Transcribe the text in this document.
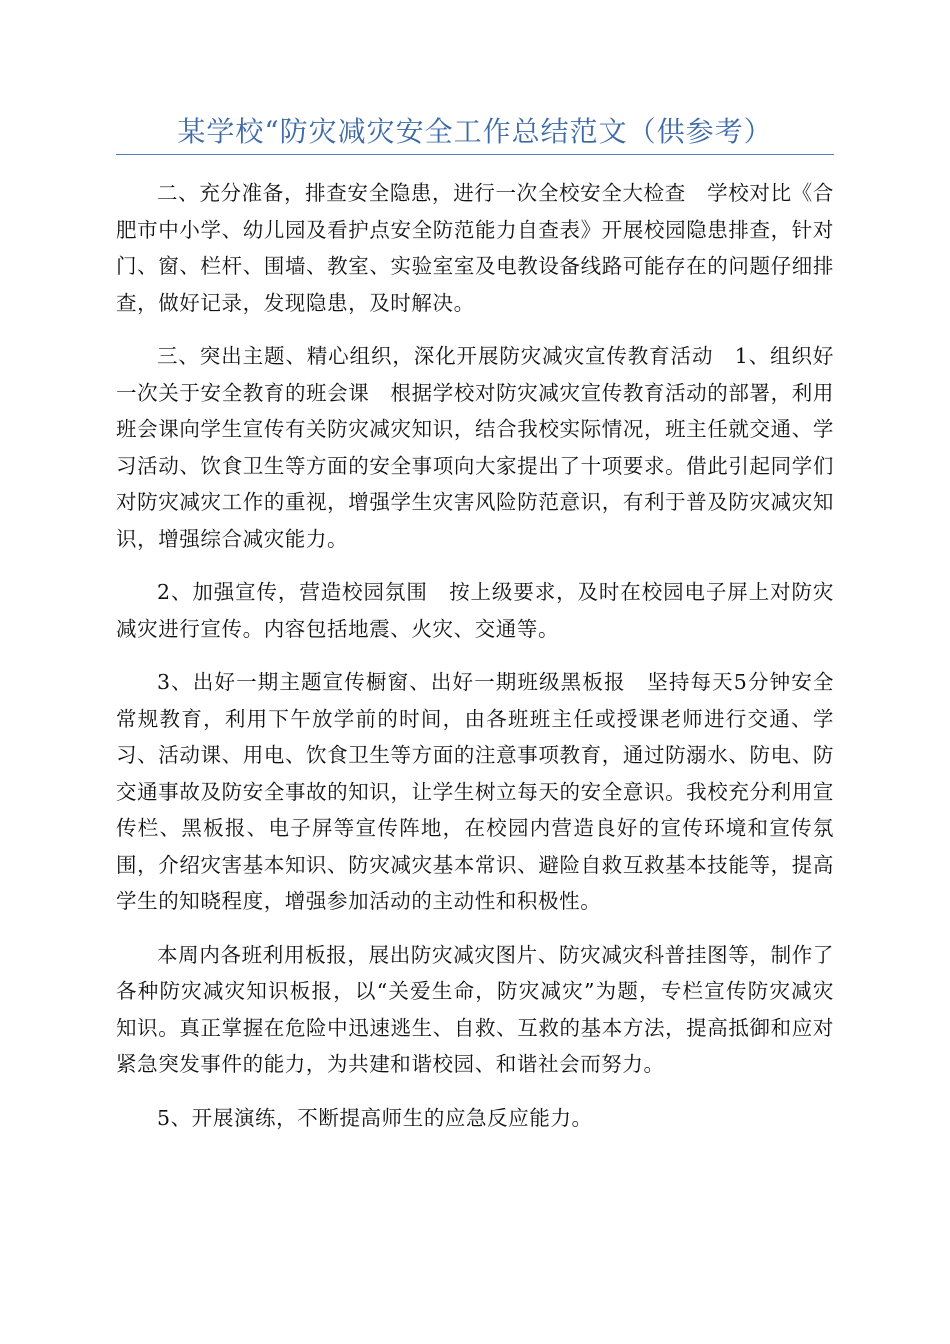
某学校“防灾减灾安全工作总结范文（供参考）

二、充分准备，排查安全隐患，进行一次全校安全大检查　学校对比《合肥市中小学、幼儿园及看护点安全防范能力自查表》开展校园隐患排查，针对门、窗、栏杆、围墙、教室、实验室室及电教设备线路可能存在的问题仔细排查，做好记录，发现隐患，及时解决。

三、突出主题、精心组织，深化开展防灾减灾宣传教育活动　1、组织好一次关于安全教育的班会课　根据学校对防灾减灾宣传教育活动的部署，利用班会课向学生宣传有关防灾减灾知识，结合我校实际情况，班主任就交通、学习活动、饮食卫生等方面的安全事项向大家提出了十项要求。借此引起同学们对防灾减灾工作的重视，增强学生灾害风险防范意识，有利于普及防灾减灾知识，增强综合减灾能力。

2、加强宣传，营造校园氛围　按上级要求，及时在校园电子屏上对防灾减灾进行宣传。内容包括地震、火灾、交通等。

3、出好一期主题宣传橱窗、出好一期班级黑板报　坚持每天5分钟安全常规教育，利用下午放学前的时间，由各班班主任或授课老师进行交通、学习、活动课、用电、饮食卫生等方面的注意事项教育，通过防溺水、防电、防交通事故及防安全事故的知识，让学生树立每天的安全意识。我校充分利用宣传栏、黑板报、电子屏等宣传阵地，在校园内营造良好的宣传环境和宣传氛围，介绍灾害基本知识、防灾减灾基本常识、避险自救互救基本技能等，提高学生的知晓程度，增强参加活动的主动性和积极性。

本周内各班利用板报，展出防灾减灾图片、防灾减灾科普挂图等，制作了各种防灾减灾知识板报，以“关爱生命，防灾减灾”为题，专栏宣传防灾减灾知识。真正掌握在危险中迅速逃生、自救、互救的基本方法，提高抵御和应对紧急突发事件的能力，为共建和谐校园、和谐社会而努力。

5、开展演练，不断提高师生的应急反应能力。
